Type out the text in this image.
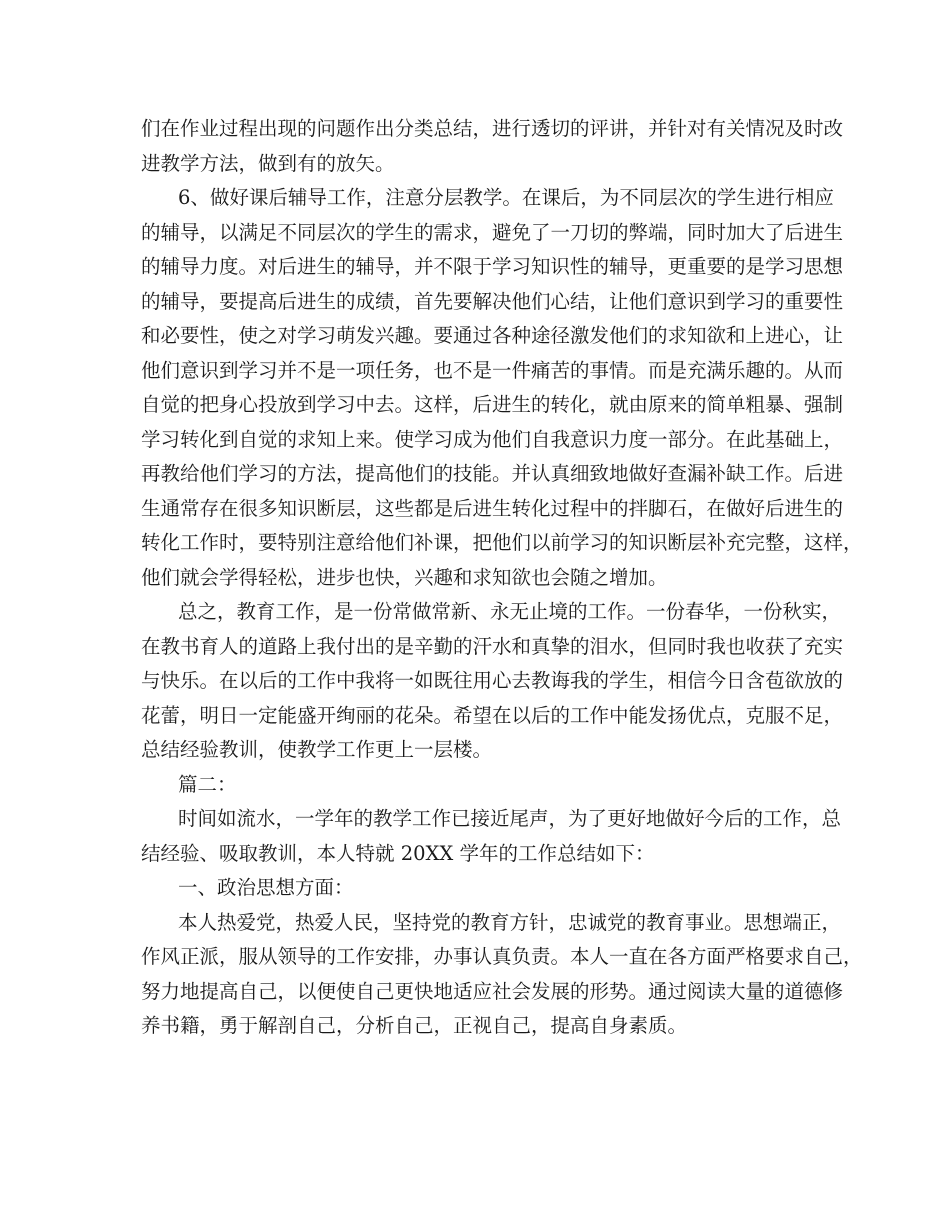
们在作业过程出现的问题作出分类总结，进行透切的评讲，并针对有关情况及时改
进教学方法，做到有的放矢。
6、做好课后辅导工作，注意分层教学。在课后，为不同层次的学生进行相应
的辅导，以满足不同层次的学生的需求，避免了一刀切的弊端，同时加大了后进生
的辅导力度。对后进生的辅导，并不限于学习知识性的辅导，更重要的是学习思想
的辅导，要提高后进生的成绩，首先要解决他们心结，让他们意识到学习的重要性
和必要性，使之对学习萌发兴趣。要通过各种途径激发他们的求知欲和上进心，让
他们意识到学习并不是一项任务，也不是一件痛苦的事情。而是充满乐趣的。从而
自觉的把身心投放到学习中去。这样，后进生的转化，就由原来的简单粗暴、强制
学习转化到自觉的求知上来。使学习成为他们自我意识力度一部分。在此基础上，
再教给他们学习的方法，提高他们的技能。并认真细致地做好查漏补缺工作。后进
生通常存在很多知识断层，这些都是后进生转化过程中的拌脚石，在做好后进生的
转化工作时，要特别注意给他们补课，把他们以前学习的知识断层补充完整，这样，
他们就会学得轻松，进步也快，兴趣和求知欲也会随之增加。
总之，教育工作，是一份常做常新、永无止境的工作。一份春华，一份秋实，
在教书育人的道路上我付出的是辛勤的汗水和真挚的泪水，但同时我也收获了充实
与快乐。在以后的工作中我将一如既往用心去教诲我的学生，相信今日含苞欲放的
花蕾，明日一定能盛开绚丽的花朵。希望在以后的工作中能发扬优点，克服不足，
总结经验教训，使教学工作更上一层楼。
篇二：
时间如流水，一学年的教学工作已接近尾声，为了更好地做好今后的工作，总
结经验、吸取教训，本人特就 20XX 学年的工作总结如下：
一、政治思想方面：
本人热爱党，热爱人民，坚持党的教育方针，忠诚党的教育事业。思想端正，
作风正派，服从领导的工作安排，办事认真负责。本人一直在各方面严格要求自己，
努力地提高自己，以便使自己更快地适应社会发展的形势。通过阅读大量的道德修
养书籍，勇于解剖自己，分析自己，正视自己，提高自身素质。
